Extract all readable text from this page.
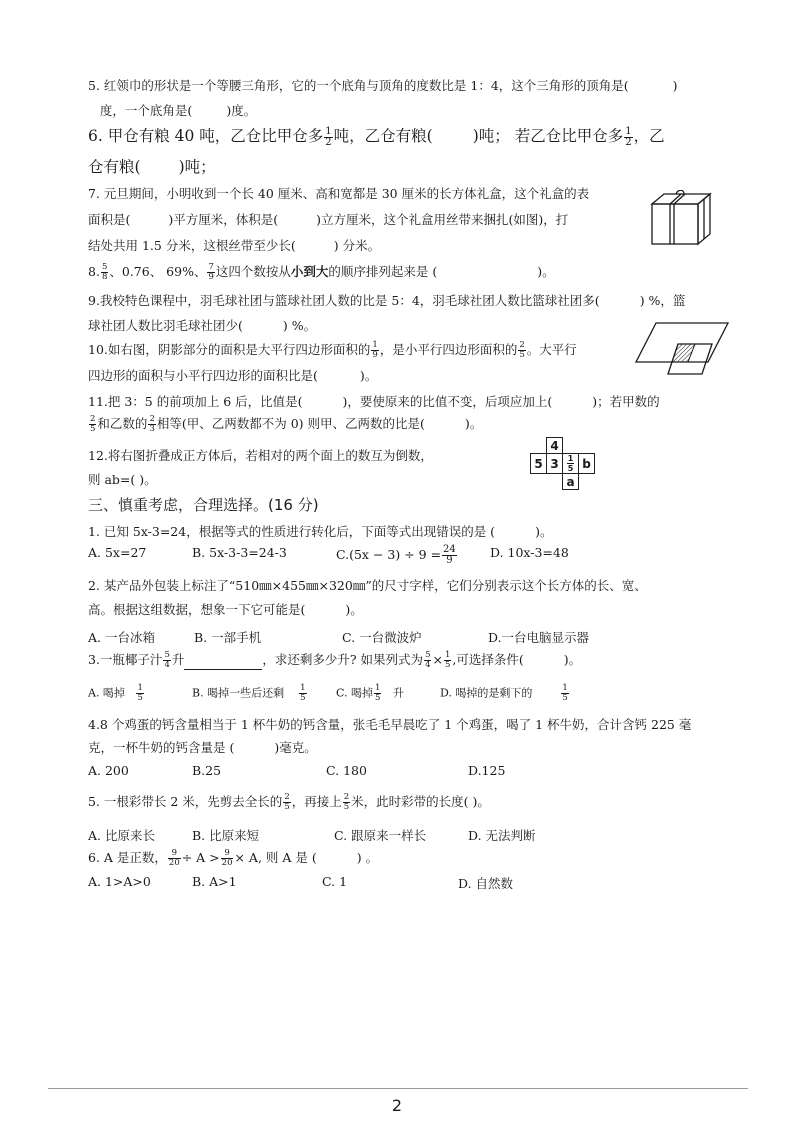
5. 红领巾的形状是一个等腰三角形，它的一个底角与顶角的度数比是 1：4，这个三角形的顶角是(	)
度，一个底角是(	)度。
6. 甲仓有粮 40 吨，乙仓比甲仓多 $\frac{1}{2}$ 吨，乙仓有粮(	)吨； 若乙仓比甲仓多 $\frac{1}{2}$ ，乙
仓有粮( )吨；
7. 元旦期间，小明收到一个长 40 厘米、高和宽都是 30 厘米的长方体礼盒，这个礼盒的表
面积是(	)平方厘米，体积是(	)立方厘米，这个礼盒用丝带来捆扎(如图)，打
结处共用 1.5 分米，这根丝带至少长(	) 分米。
8. $\frac{5}{8}$ 、0.76、 69%、 $\frac{7}{9}$ 这四个数按从小到大的顺序排列起来是 (	)。
9.我校特色课程中，羽毛球社团与篮球社团人数的比是 5：4，羽毛球社团人数比篮球社团多(	) %，篮
球社团人数比羽毛球社团少(	) %。
10.如右图，阴影部分的面积是大平行四边形面积的 $\frac{1}{9}$ ，是小平行四边形面积的 $\frac{2}{5}$ 。大平行
四边形的面积与小平行四边形的面积比是(	)。
11.把 3：5 的前项加上 6 后，比值是(	)，要使原来的比值不变，后项应加上(	)；若甲数的
$\frac{2}{5}$ 和乙数的 $\frac{2}{3}$ 相等(甲、乙两数都不为 0) 则甲、乙两数的比是(	)。
12.将右图折叠成正方体后，若相对的两个面上的数互为倒数，
则 ab=( )。
	4		
5	3	$\frac{1}{5}$	b
		a	
三、慎重考虑，合理选择。(16 分)
1. 已知 5x-3=24，根据等式的性质进行转化后，下面等式出现错误的是 (	)。
A. 5x=27	B. 5x-3-3=24-3	$C.(5x - 3) \div 9 = \frac{24}{9}$	D. 10x-3=48
2. 某产品外包装上标注了“510㎜×455㎜×320㎜”的尺寸字样，它们分别表示这个长方体的长、宽、
高。根据这组数据，想象一下它可能是(	)。
A. 一台冰箱	B. 一部手机	C. 一台微波炉	D.一台电脑显示器
3.一瓶椰子汁 $\frac{5}{4}$ 升	，求还剩多少升? 如果列式为 $\frac{5}{4} \times \frac{1}{5}$ ,可选择条件(	)。
A. 喝掉 $\frac{1}{5}$	B. 喝掉一些后还剩 $\frac{1}{5}$	C. 喝掉 $\frac{1}{5}$ 升	D. 喝掉的是剩下的	$\frac{1}{5}$
4.8 个鸡蛋的钙含量相当于 1 杯牛奶的钙含量，张毛毛早晨吃了 1 个鸡蛋，喝了 1 杯牛奶，合计含钙 225 毫
克，一杯牛奶的钙含量是 (	)毫克。
A. 200	B.25	C. 180	D.125
5. 一根彩带长 2 米，先剪去全长的 $\frac{2}{5}$ ，再接上 $\frac{2}{5}$ 米，此时彩带的长度( )。
A. 比原来长	B. 比原来短	C. 跟原来一样长	D. 无法判断
6. A 是正数， $\frac{9}{20} \div A > \frac{9}{20} \times A$, 则 A 是 (	) 。
A. 1>A>0	B. A>1	C. 1	D. 自然数
2
